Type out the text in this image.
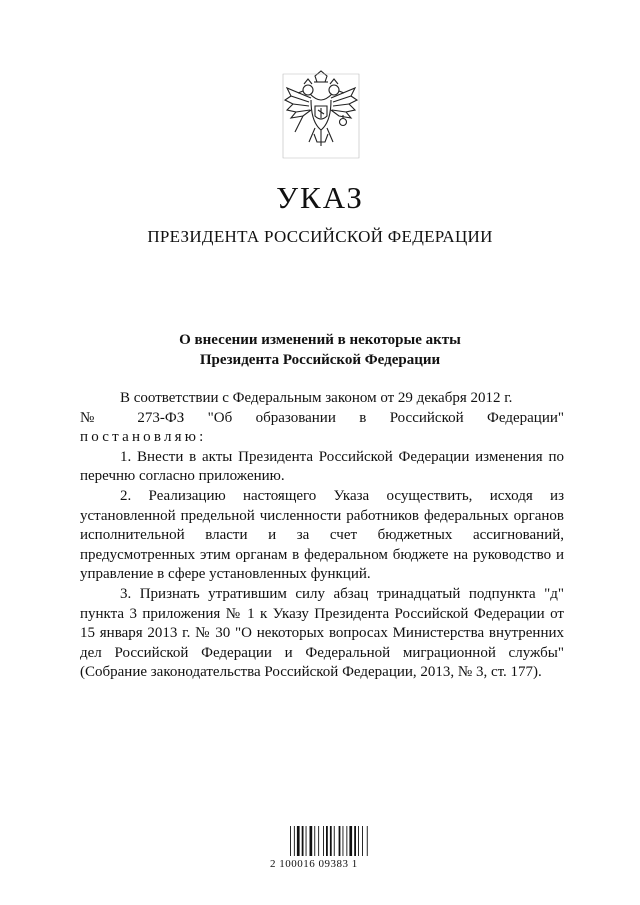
УКАЗ
ПРЕЗИДЕНТА РОССИЙСКОЙ ФЕДЕРАЦИИ
О внесении изменений в некоторые акты
Президента Российской Федерации

В соответствии с Федеральным законом от 29 декабря 2012 г.

№ 273-ФЗ "Об образовании в Российской Федерации"

постановляю:

1. Внести в акты Президента Российской Федерации изменения по перечню согласно приложению.

2. Реализацию настоящего Указа осуществить, исходя из установленной предельной численности работников федеральных органов исполнительной власти и за счет бюджетных ассигнований, предусмотренных этим органам в федеральном бюджете на руководство и управление в сфере установленных функций.

3. Признать утратившим силу абзац тринадцатый подпункта "д" пункта 3 приложения № 1 к Указу Президента Российской Федерации от 15 января 2013 г. № 30 "О некоторых вопросах Министерства внутренних дел Российской Федерации и Федеральной миграционной службы" (Собрание законодательства Российской Федерации, 2013, № 3, ст. 177).

2 100016 09383 1
